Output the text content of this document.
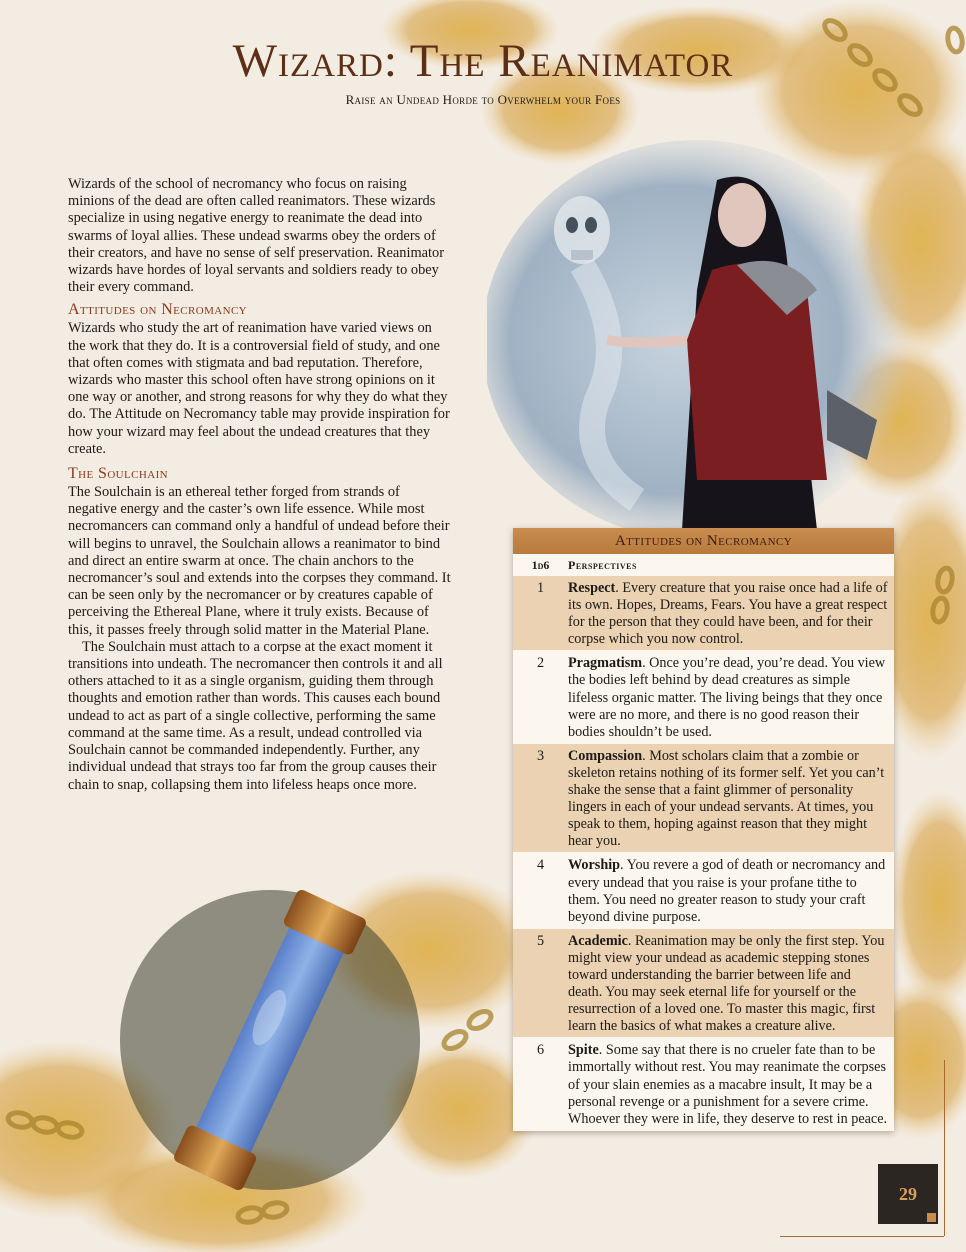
Wizard: The Reanimator
Raise an Undead Horde to Overwhelm your Foes

Wizards of the school of necromancy who focus on raising minions of the dead are often called reanimators. These wizards specialize in using negative energy to reanimate the dead into swarms of loyal allies. These undead swarms obey the orders of their creators, and have no sense of self preservation. Reanimator wizards have hordes of loyal servants and soldiers ready to obey their every command.

Attitudes on Necromancy

Wizards who study the art of reanimation have varied views on the work that they do. It is a controversial field of study, and one that often comes with stigmata and bad reputation. Therefore, wizards who master this school often have strong opinions on it one way or another, and strong reasons for why they do what they do. The Attitude on Necromancy table may provide inspiration for how your wizard may feel about the undead creatures that they create.

The Soulchain

The Soulchain is an ethereal tether forged from strands of negative energy and the caster’s own life essence. While most necromancers can command only a handful of undead before their will begins to unravel, the Soulchain allows a reanimator to bind and direct an entire swarm at once. The chain anchors to the necromancer’s soul and extends into the corpses they command. It can be seen only by the necromancer or by creatures capable of perceiving the Ethereal Plane, where it truly exists. Because of this, it passes freely through solid matter in the Material Plane.

The Soulchain must attach to a corpse at the exact moment it transitions into undeath. The necromancer then controls it and all others attached to it as a single organism, guiding them through thoughts and emotion rather than words. This causes each bound undead to act as part of a single collective, performing the same command at the same time. As a result, undead controlled via Soulchain cannot be commanded independently. Further, any individual undead that strays too far from the group causes their chain to snap, collapsing them into lifeless heaps once more.

Attitudes on Necromancy
1d6	Perspectives
1	Respect. Every creature that you raise once had a life of its own. Hopes, Dreams, Fears. You have a great respect for the person that they could have been, and for their corpse which you now control.
2	Pragmatism. Once you’re dead, you’re dead. You view the bodies left behind by dead creatures as simple lifeless organic matter. The living beings that they once were are no more, and there is no good reason their bodies shouldn’t be used.
3	Compassion. Most scholars claim that a zombie or skeleton retains nothing of its former self. Yet you can’t shake the sense that a faint glimmer of personality lingers in each of your undead servants. At times, you speak to them, hoping against reason that they might hear you.
4	Worship. You revere a god of death or necromancy and every undead that you raise is your profane tithe to them. You need no greater reason to study your craft beyond divine purpose.
5	Academic. Reanimation may be only the first step. You might view your undead as academic stepping stones toward understanding the barrier between life and death. You may seek eternal life for yourself or the resurrection of a loved one. To master this magic, first learn the basics of what makes a creature alive.
6	Spite. Some say that there is no crueler fate than to be immortally without rest. You may reanimate the corpses of your slain enemies as a macabre insult, It may be a personal revenge or a punishment for a severe crime. Whoever they were in life, they deserve to rest in peace.
29
